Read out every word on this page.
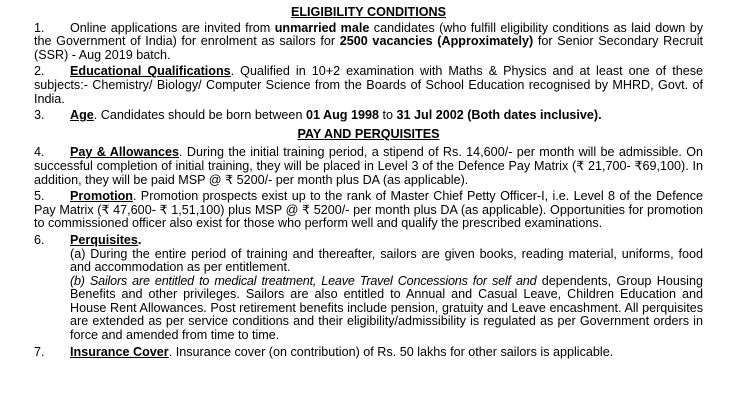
ELIGIBILITY CONDITIONS

1. Online applications are invited from unmarried male candidates (who fulfill eligibility conditions as laid down by the Government of India) for enrolment as sailors for 2500 vacancies (Approximately) for Senior Secondary Recruit (SSR) - Aug 2019 batch.

2. Educational Qualifications. Qualified in 10+2 examination with Maths & Physics and at least one of these subjects:- Chemistry/ Biology/ Computer Science from the Boards of School Education recognised by MHRD, Govt. of India.

3. Age. Candidates should be born between 01 Aug 1998 to 31 Jul 2002 (Both dates inclusive).

PAY AND PERQUISITES

4. Pay & Allowances. During the initial training period, a stipend of Rs. 14,600/- per month will be admissible. On successful completion of initial training, they will be placed in Level 3 of the Defence Pay Matrix (₹ 21,700- ₹69,100). In addition, they will be paid MSP @ ₹ 5200/- per month plus DA (as applicable).

5. Promotion. Promotion prospects exist up to the rank of Master Chief Petty Officer-I, i.e. Level 8 of the Defence Pay Matrix (₹ 47,600- ₹ 1,51,100) plus MSP @ ₹ 5200/- per month plus DA (as applicable). Opportunities for promotion to commissioned officer also exist for those who perform well and qualify the prescribed examinations.

6. Perquisites.

(a) During the entire period of training and thereafter, sailors are given books, reading material, uniforms, food and accommodation as per entitlement.

(b) Sailors are entitled to medical treatment, Leave Travel Concessions for self and dependents, Group Housing Benefits and other privileges. Sailors are also entitled to Annual and Casual Leave, Children Education and House Rent Allowances. Post retirement benefits include pension, gratuity and Leave encashment. All perquisites are extended as per service conditions and their eligibility/admissibility is regulated as per Government orders in force and amended from time to time.

7. Insurance Cover. Insurance cover (on contribution) of Rs. 50 lakhs for other sailors is applicable.
